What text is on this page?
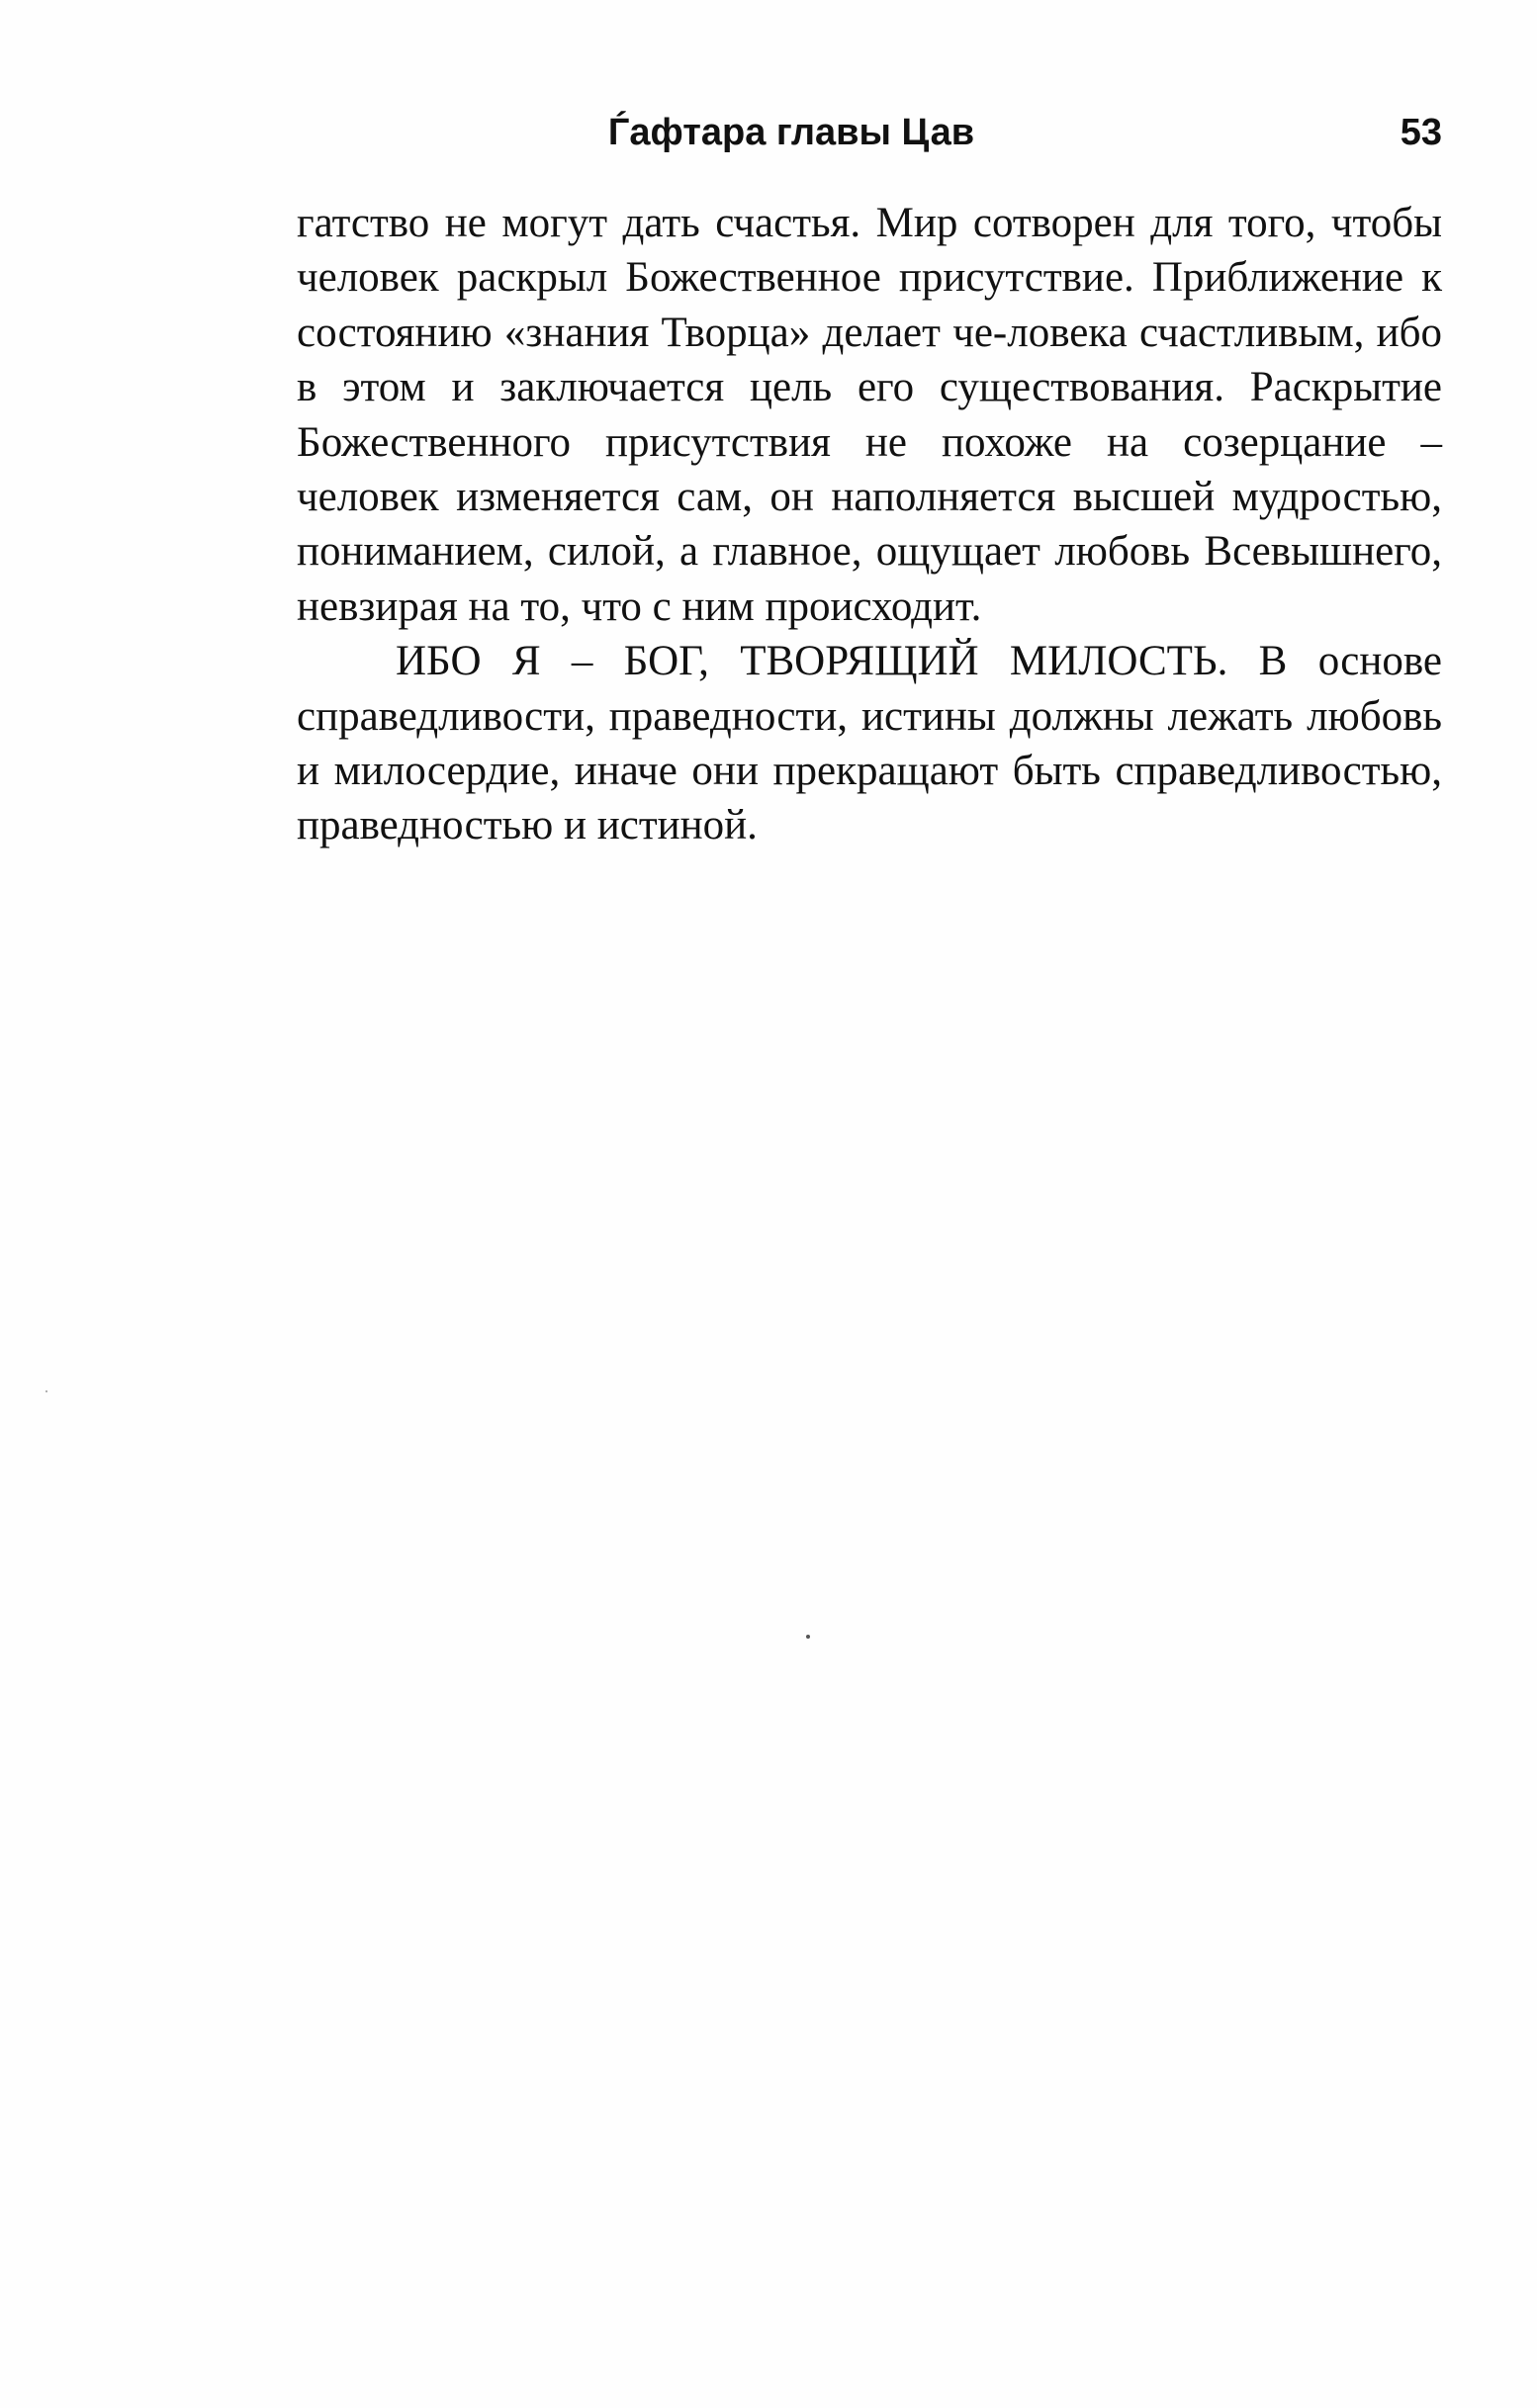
Ѓафтара главы Цав	53

гатство не могут дать счастья. Мир сотворен для того, чтобы человек раскрыл Божественное присутствие. Приближение к состоянию «знания Творца» делает че-ловека счастливым, ибо в этом и заключается цель его существования. Раскрытие Божественного присутствия не похоже на созерцание – человек изменяется сам, он наполняется высшей мудростью, пониманием, силой, а главное, ощущает любовь Всевышнего, невзирая на то, что с ним происходит.

ИБО Я – БОГ, ТВОРЯЩИЙ МИЛОСТЬ. В основе справедливости, праведности, истины должны лежать любовь и милосердие, иначе они прекращают быть справедливостью, праведностью и истиной.
